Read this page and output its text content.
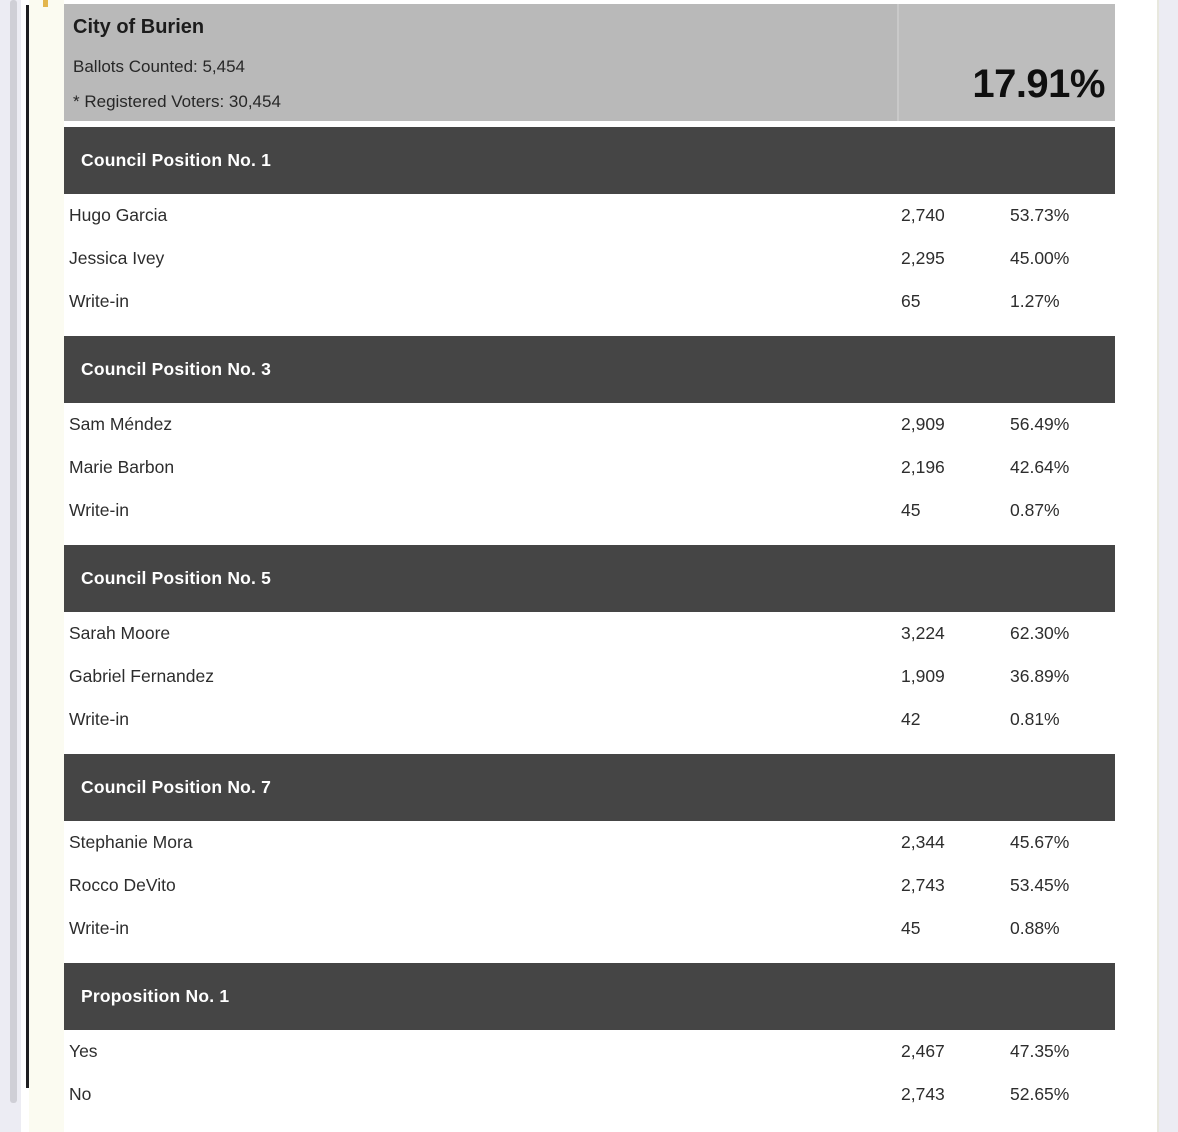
City of Burien
Ballots Counted: 5,454
* Registered Voters: 30,454	17.91%
Council Position No. 1
Hugo Garcia	2,740	53.73%
Jessica Ivey	2,295	45.00%
Write-in	65	1.27%
Council Position No. 3
Sam Méndez	2,909	56.49%
Marie Barbon	2,196	42.64%
Write-in	45	0.87%
Council Position No. 5
Sarah Moore	3,224	62.30%
Gabriel Fernandez	1,909	36.89%
Write-in	42	0.81%
Council Position No. 7
Stephanie Mora	2,344	45.67%
Rocco DeVito	2,743	53.45%
Write-in	45	0.88%
Proposition No. 1
Yes	2,467	47.35%
No	2,743	52.65%
